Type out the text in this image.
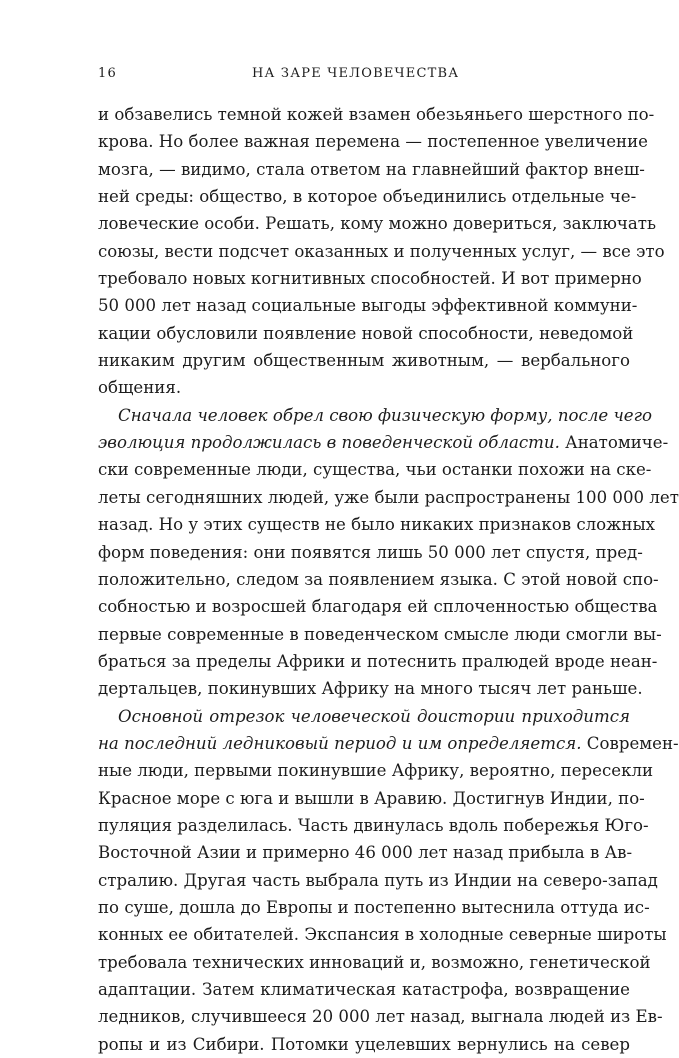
16	НА ЗАРЕ ЧЕЛОВЕЧЕСТВА
и обзавелись темной кожей взамен обезьяньего шерстного по-
крова. Но более важная перемена — постепенное увеличение
мозга, — видимо, стала ответом на главнейший фактор внеш-
ней среды: общество, в которое объединились отдельные че-
ловеческие особи. Решать, кому можно довериться, заключать
союзы, вести подсчет оказанных и полученных услуг, — все это
требовало новых когнитивных способностей. И вот примерно
50 000 лет назад социальные выгоды эффективной коммуни-
кации обусловили появление новой способности, неведомой
никаким другим общественным животным, — вербального
общения.
Сначала человек обрел свою физическую форму, после чего
эволюция продолжилась в поведенческой области. Анатомиче-
ски современные люди, существа, чьи останки похожи на ске-
леты сегодняшних людей, уже были распространены 100 000 лет
назад. Но у этих существ не было никаких признаков сложных
форм поведения: они появятся лишь 50 000 лет спустя, пред-
положительно, следом за появлением языка. С этой новой спо-
собностью и возросшей благодаря ей сплоченностью общества
первые современные в поведенческом смысле люди смогли вы-
браться за пределы Африки и потеснить пралюдей вроде неан-
дертальцев, покинувших Африку на много тысяч лет раньше.
Основной отрезок человеческой доистории приходится
на последний ледниковый период и им определяется. Современ-
ные люди, первыми покинувшие Африку, вероятно, пересекли
Красное море с юга и вышли в Аравию. Достигнув Индии, по-
пуляция разделилась. Часть двинулась вдоль побережья Юго-
Восточной Азии и примерно 46 000 лет назад прибыла в Ав-
стралию. Другая часть выбрала путь из Индии на северо-запад
по суше, дошла до Европы и постепенно вытеснила оттуда ис-
конных ее обитателей. Экспансия в холодные северные широты
требовала технических инноваций и, возможно, генетической
адаптации. Затем климатическая катастрофа, возвращение
ледников, случившееся 20 000 лет назад, выгнала людей из Ев-
ропы и из Сибири. Потомки уцелевших вернулись на север
